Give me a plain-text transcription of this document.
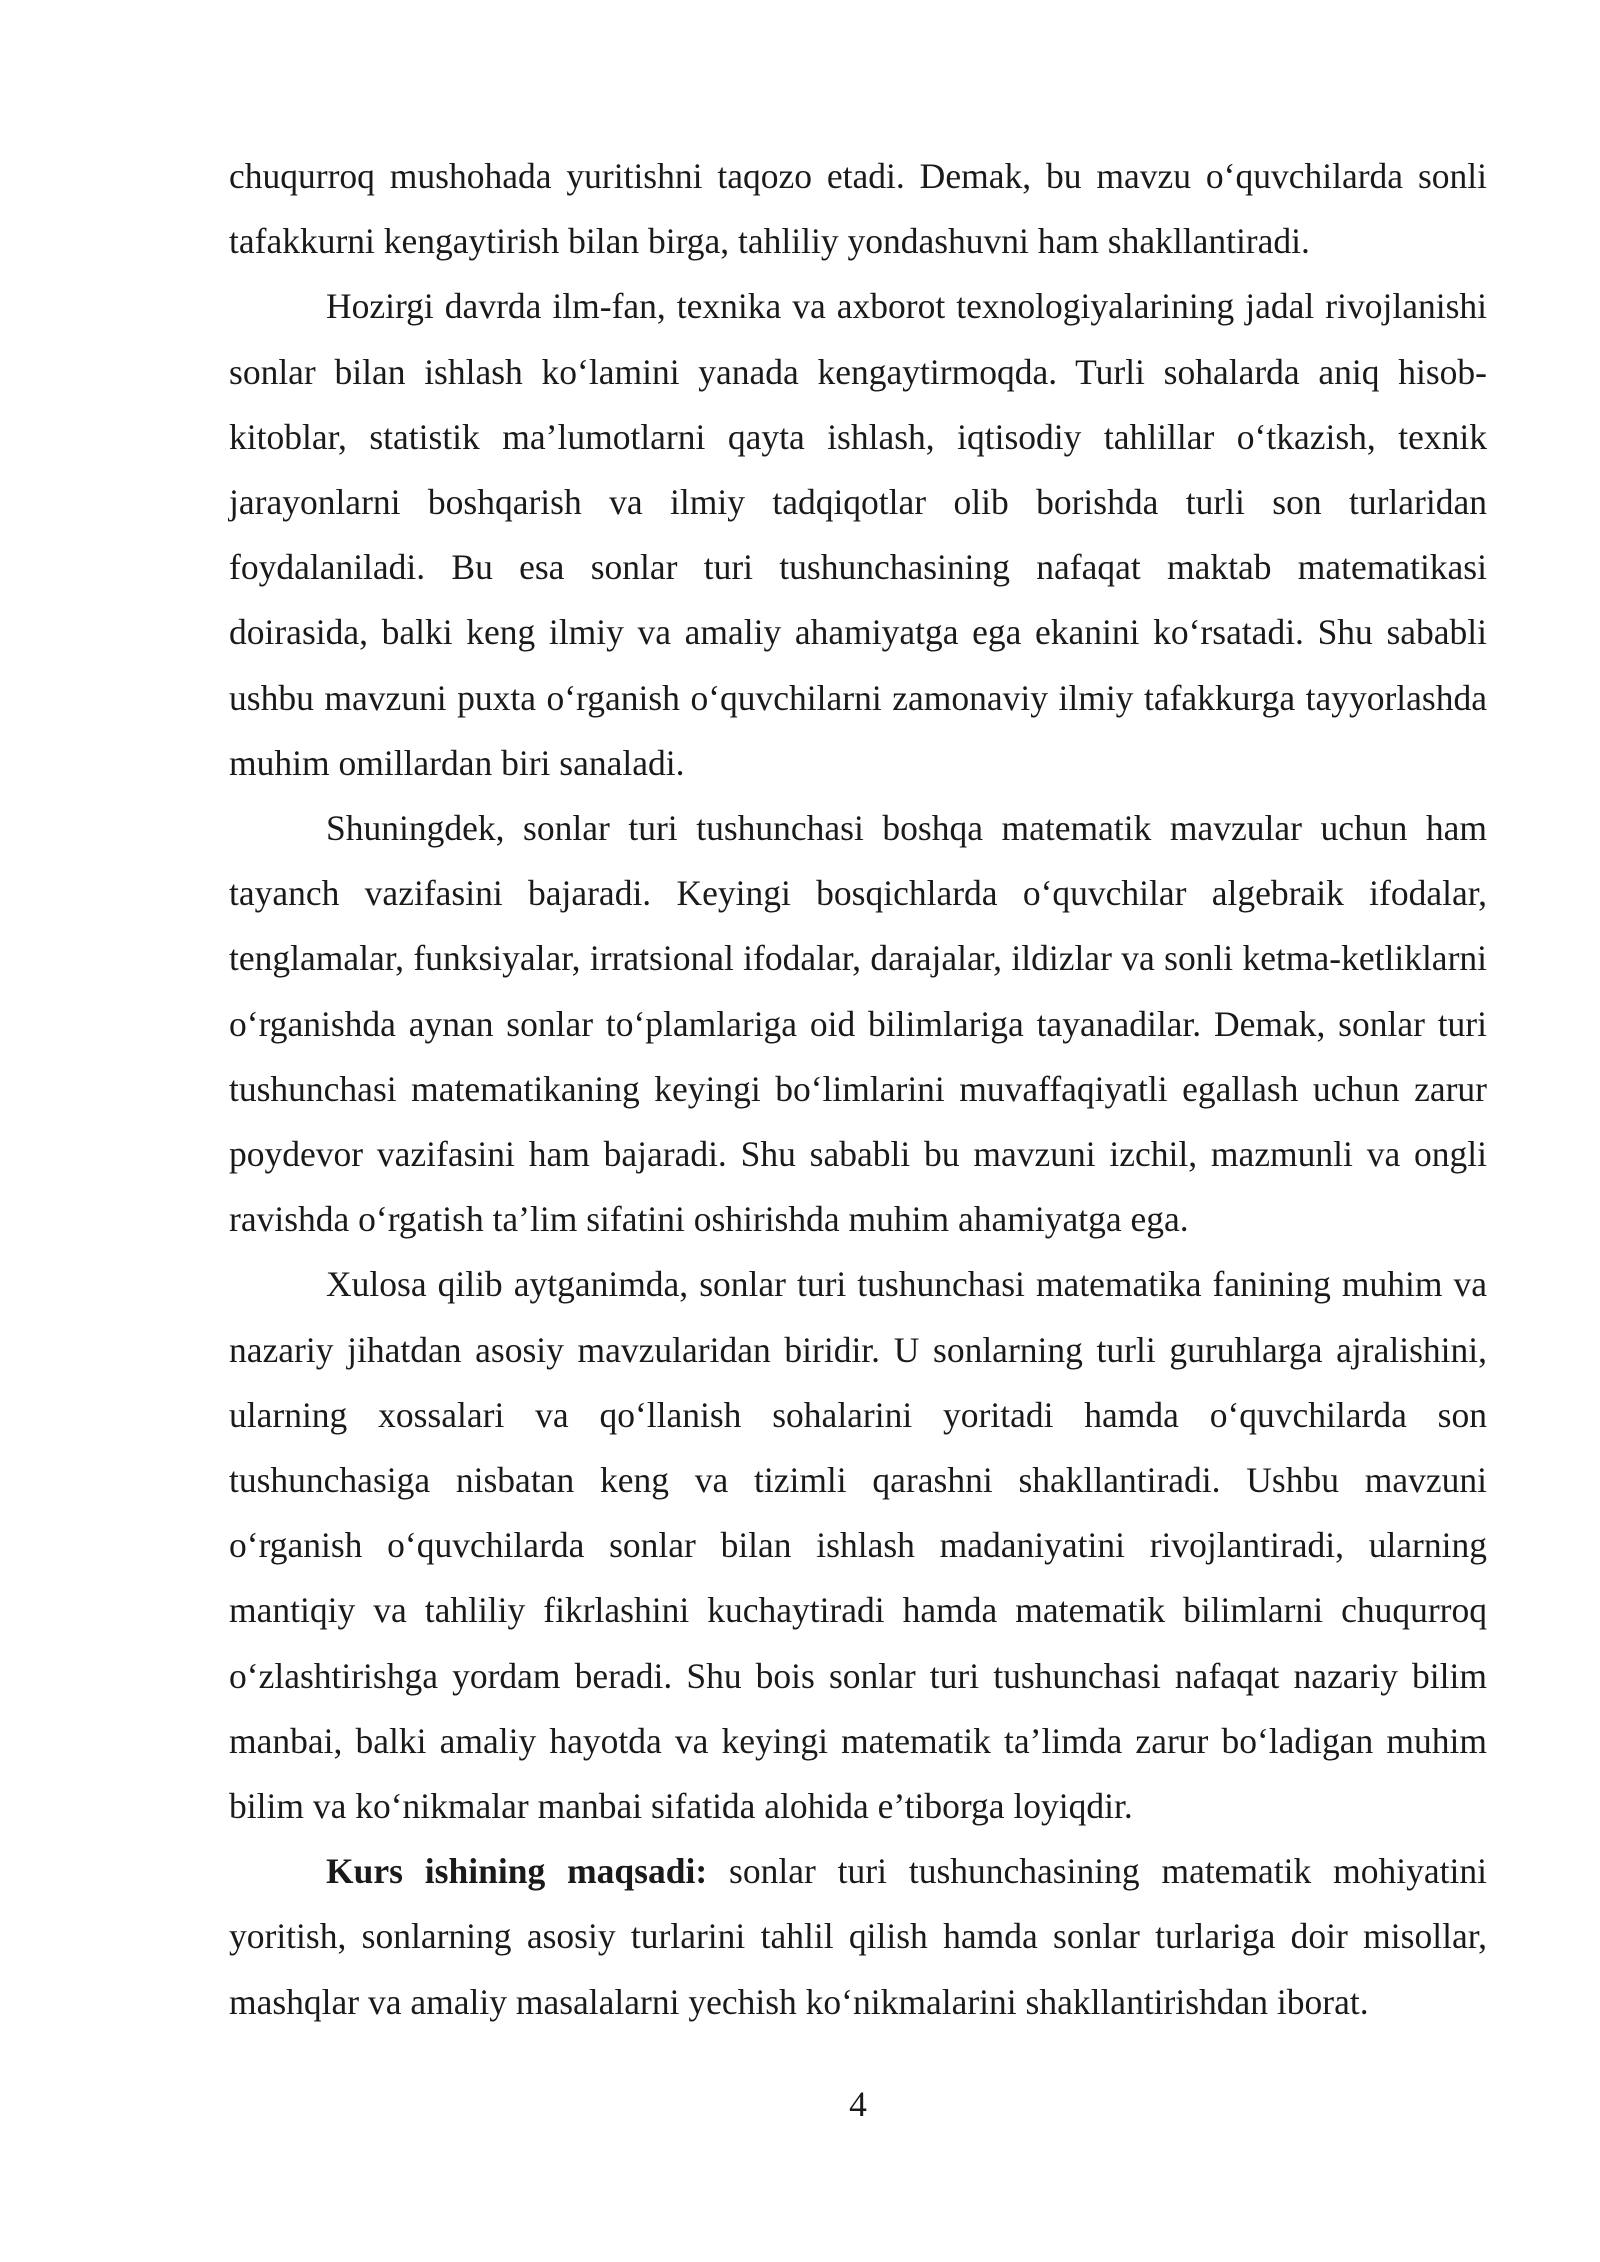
chuqurroq mushohada yuritishni taqozo etadi. Demak, bu mavzu o‘quvchilarda sonli tafakkurni kengaytirish bilan birga, tahliliy yondashuvni ham shakllantiradi.

Hozirgi davrda ilm-fan, texnika va axborot texnologiyalarining jadal rivojlanishi sonlar bilan ishlash ko‘lamini yanada kengaytirmoqda. Turli sohalarda aniq hisob-kitoblar, statistik ma’lumotlarni qayta ishlash, iqtisodiy tahlillar o‘tkazish, texnik jarayonlarni boshqarish va ilmiy tadqiqotlar olib borishda turli son turlaridan foydalaniladi. Bu esa sonlar turi tushunchasining nafaqat maktab matematikasi doirasida, balki keng ilmiy va amaliy ahamiyatga ega ekanini ko‘rsatadi. Shu sababli ushbu mavzuni puxta o‘rganish o‘quvchilarni zamonaviy ilmiy tafakkurga tayyorlashda muhim omillardan biri sanaladi.

Shuningdek, sonlar turi tushunchasi boshqa matematik mavzular uchun ham tayanch vazifasini bajaradi. Keyingi bosqichlarda o‘quvchilar algebraik ifodalar, tenglamalar, funksiyalar, irratsional ifodalar, darajalar, ildizlar va sonli ketma-ketliklarni o‘rganishda aynan sonlar to‘plamlariga oid bilimlariga tayanadilar. Demak, sonlar turi tushunchasi matematikaning keyingi bo‘limlarini muvaffaqiyatli egallash uchun zarur poydevor vazifasini ham bajaradi. Shu sababli bu mavzuni izchil, mazmunli va ongli ravishda o‘rgatish ta’lim sifatini oshirishda muhim ahamiyatga ega.

Xulosa qilib aytganimda, sonlar turi tushunchasi matematika fanining muhim va nazariy jihatdan asosiy mavzularidan biridir. U sonlarning turli guruhlarga ajralishini, ularning xossalari va qo‘llanish sohalarini yoritadi hamda o‘quvchilarda son tushunchasiga nisbatan keng va tizimli qarashni shakllantiradi. Ushbu mavzuni o‘rganish o‘quvchilarda sonlar bilan ishlash madaniyatini rivojlantiradi, ularning mantiqiy va tahliliy fikrlashini kuchaytiradi hamda matematik bilimlarni chuqurroq o‘zlashtirishga yordam beradi. Shu bois sonlar turi tushunchasi nafaqat nazariy bilim manbai, balki amaliy hayotda va keyingi matematik ta’limda zarur bo‘ladigan muhim bilim va ko‘nikmalar manbai sifatida alohida e’tiborga loyiqdir.

Kurs ishining maqsadi: sonlar turi tushunchasining matematik mohiyatini yoritish, sonlarning asosiy turlarini tahlil qilish hamda sonlar turlariga doir misollar, mashqlar va amaliy masalalarni yechish ko‘nikmalarini shakllantirishdan iborat.

4
